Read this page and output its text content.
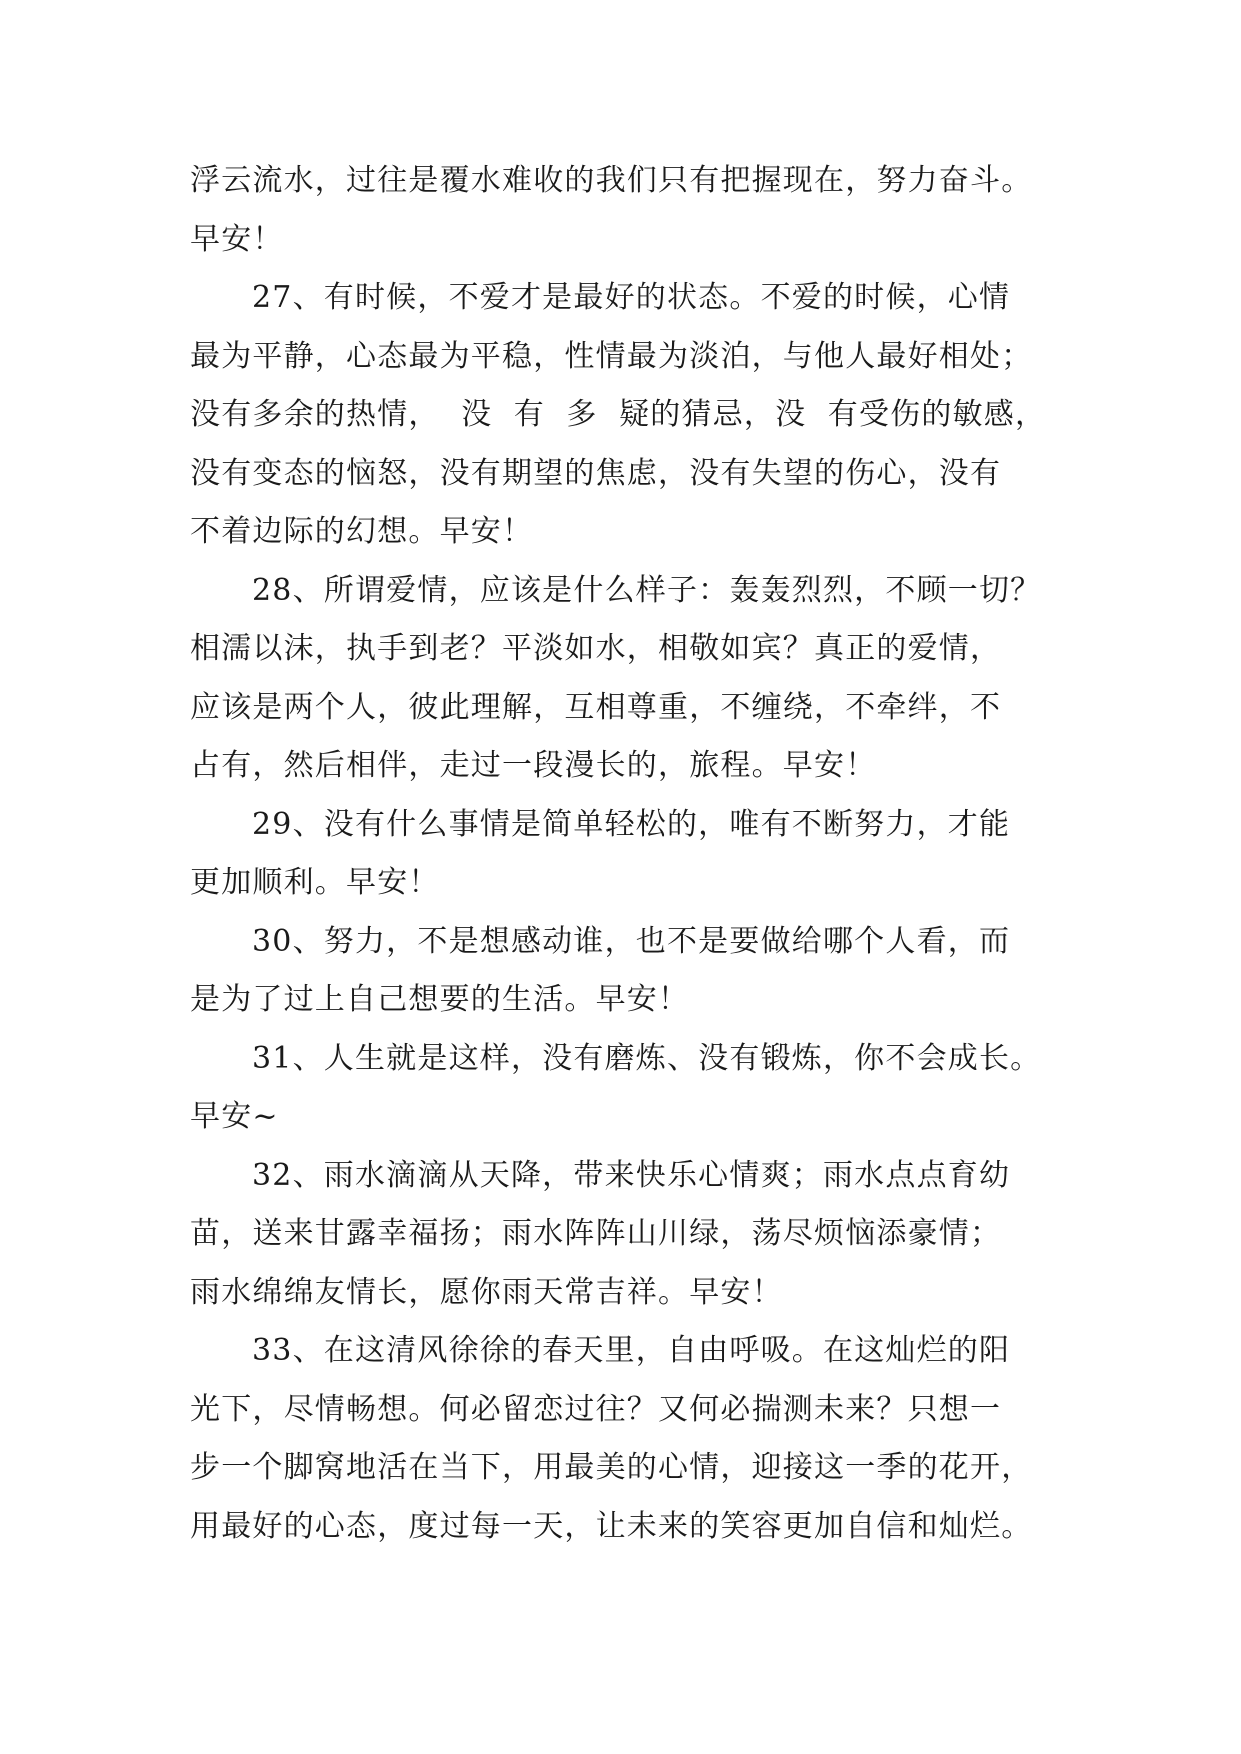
浮云流水，过往是覆水难收的我们只有把握现在，努力奋斗。
早安！
27、有时候，不爱才是最好的状态。不爱的时候，心情
最为平静，心态最为平稳，性情最为淡泊，与他人最好相处；
没有多余的热情，  没  有  多  疑的猜忌，没  有受伤的敏感，
没有变态的恼怒，没有期望的焦虑，没有失望的伤心，没有
不着边际的幻想。早安！
28、所谓爱情，应该是什么样子：轰轰烈烈，不顾一切？
相濡以沫，执手到老？平淡如水，相敬如宾？真正的爱情，
应该是两个人，彼此理解，互相尊重，不缠绕，不牵绊，不
占有，然后相伴，走过一段漫长的，旅程。早安！
29、没有什么事情是简单轻松的，唯有不断努力，才能
更加顺利。早安！
30、努力，不是想感动谁，也不是要做给哪个人看，而
是为了过上自己想要的生活。早安！
31、人生就是这样，没有磨炼、没有锻炼，你不会成长。
早安~
32、雨水滴滴从天降，带来快乐心情爽；雨水点点育幼
苗，送来甘露幸福扬；雨水阵阵山川绿，荡尽烦恼添豪情；
雨水绵绵友情长，愿你雨天常吉祥。早安！
33、在这清风徐徐的春天里，自由呼吸。在这灿烂的阳
光下，尽情畅想。何必留恋过往？又何必揣测未来？只想一
步一个脚窝地活在当下，用最美的心情，迎接这一季的花开，
用最好的心态，度过每一天，让未来的笑容更加自信和灿烂。
